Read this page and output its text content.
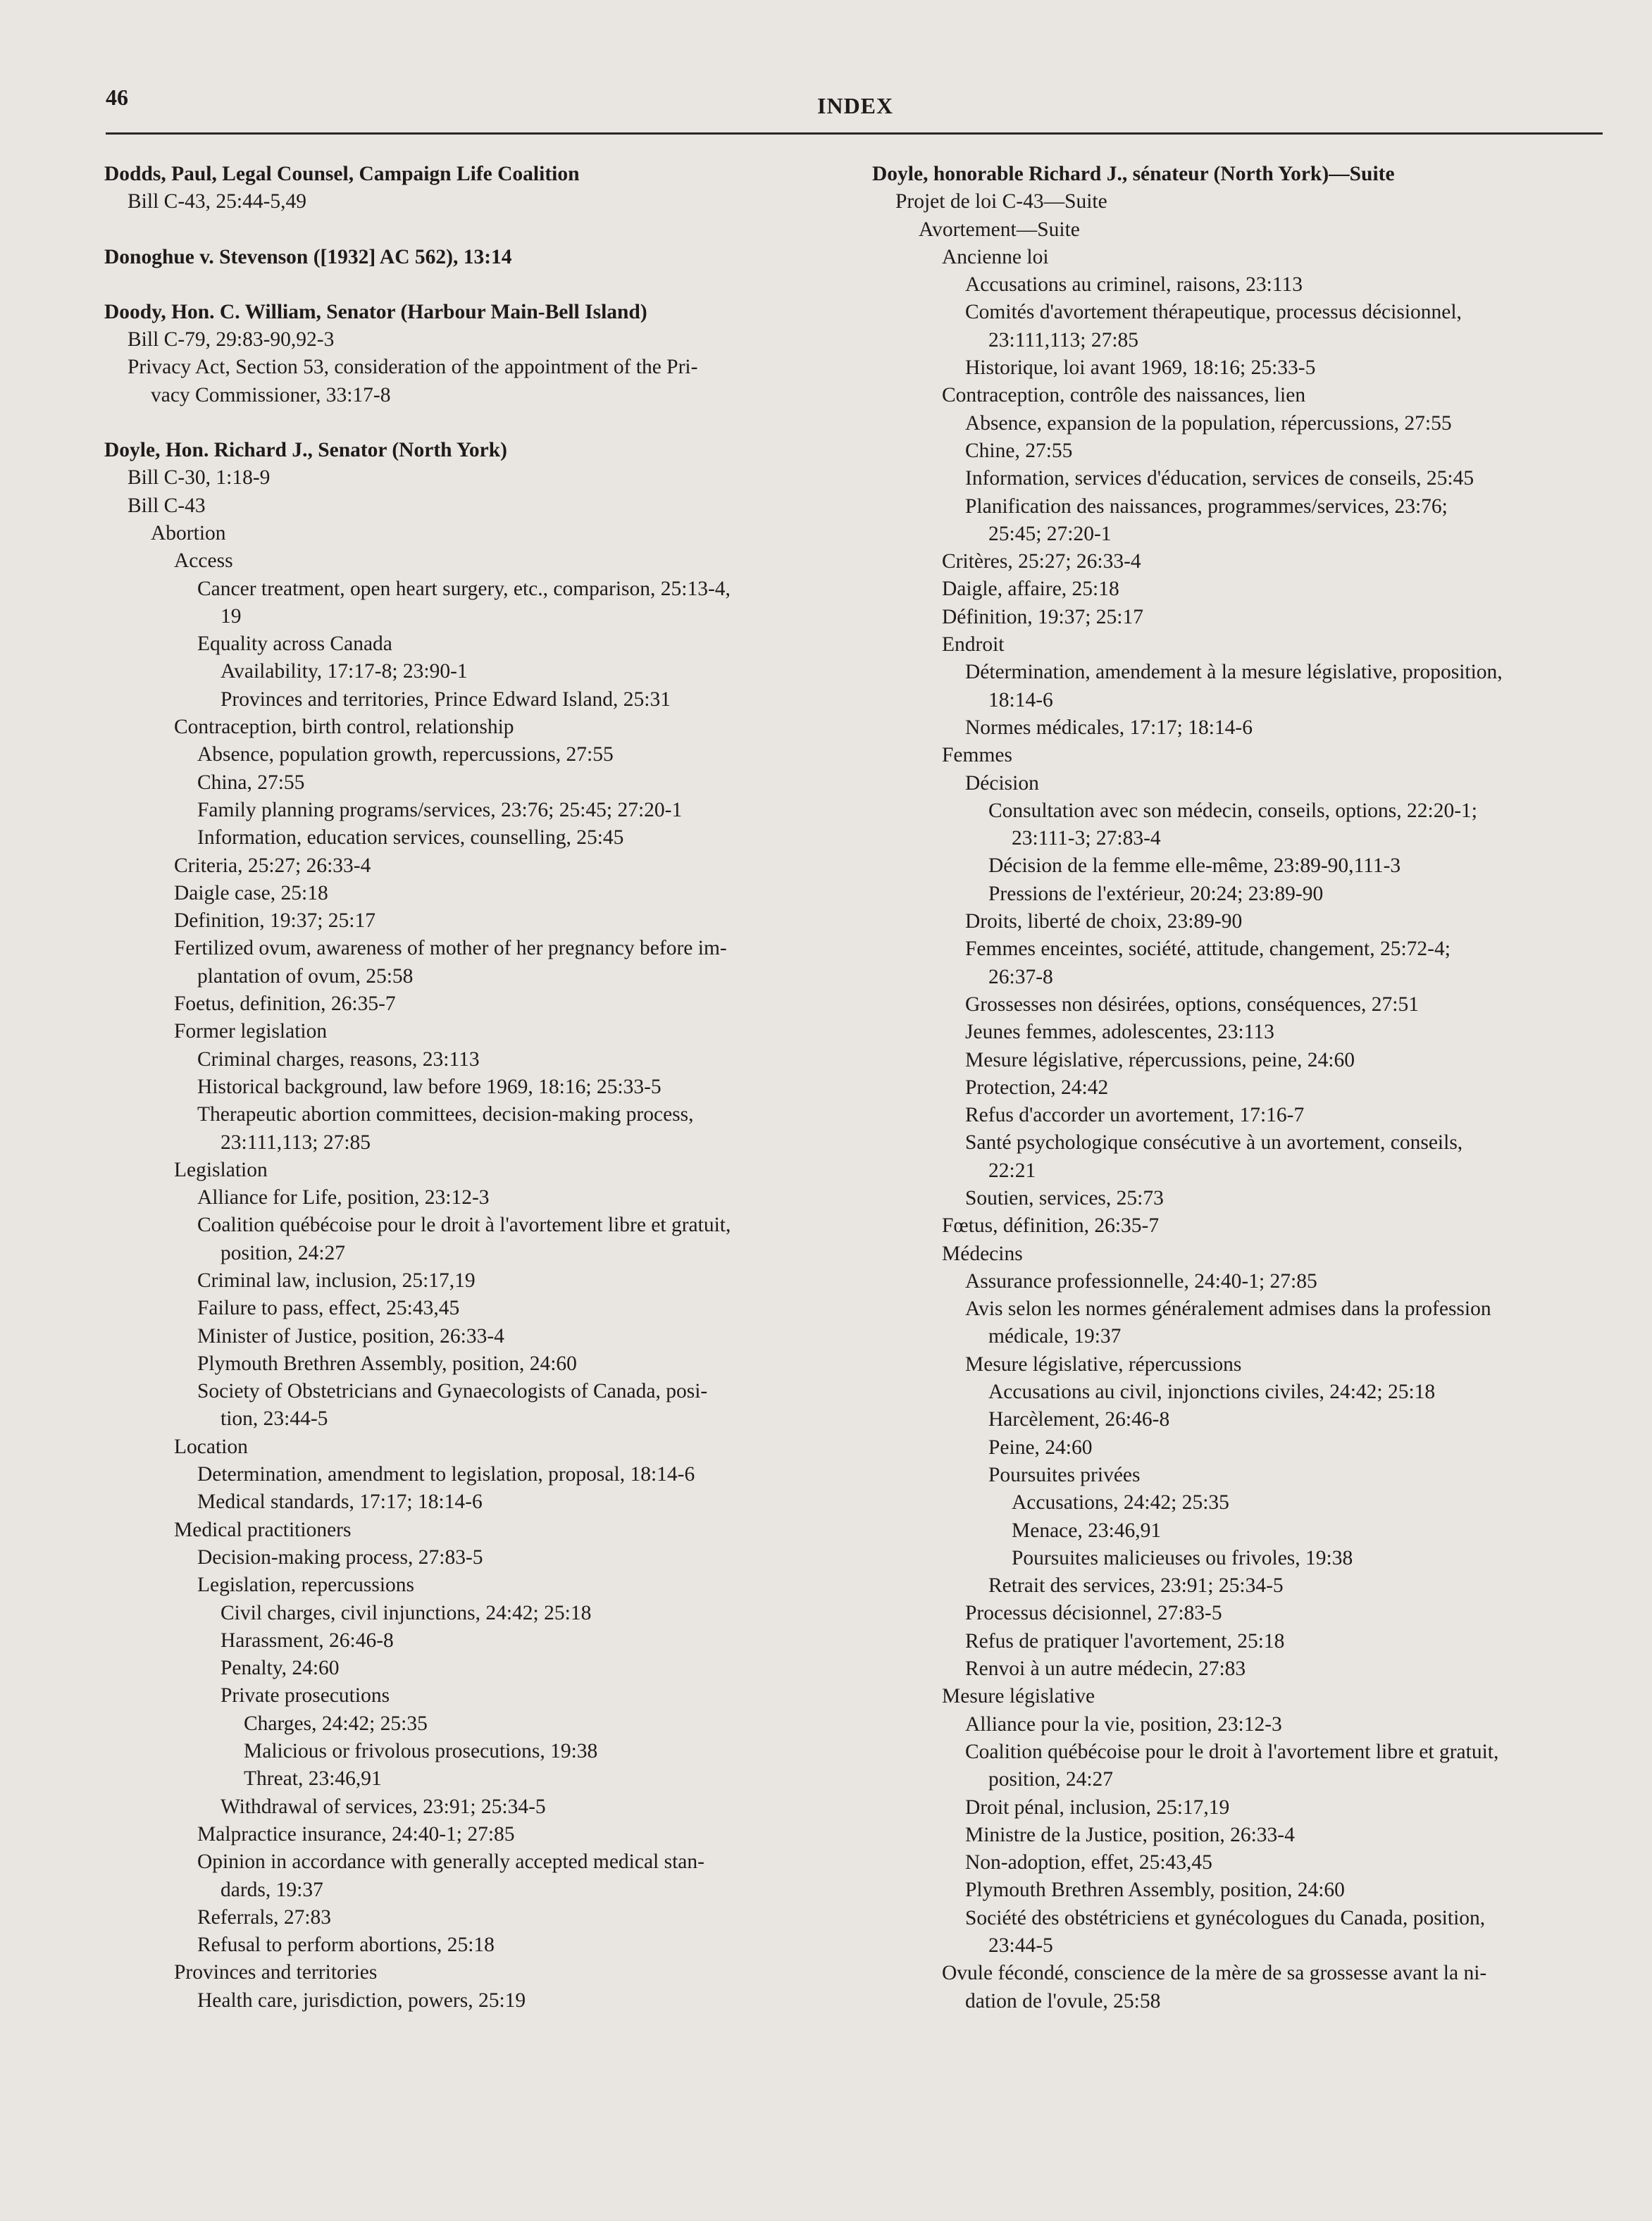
46	INDEX
Dodds, Paul, Legal Counsel, Campaign Life Coalition
Bill C-43, 25:44-5,49
Donoghue v. Stevenson ([1932] AC 562), 13:14
Doody, Hon. C. William, Senator (Harbour Main-Bell Island)
Bill C-79, 29:83-90,92-3
Privacy Act, Section 53, consideration of the appointment of the Pri-
vacy Commissioner, 33:17-8
Doyle, Hon. Richard J., Senator (North York)
Bill C-30, 1:18-9
Bill C-43
Abortion
Access
Cancer treatment, open heart surgery, etc., comparison, 25:13-4,
19
Equality across Canada
Availability, 17:17-8; 23:90-1
Provinces and territories, Prince Edward Island, 25:31
Contraception, birth control, relationship
Absence, population growth, repercussions, 27:55
China, 27:55
Family planning programs/services, 23:76; 25:45; 27:20-1
Information, education services, counselling, 25:45
Criteria, 25:27; 26:33-4
Daigle case, 25:18
Definition, 19:37; 25:17
Fertilized ovum, awareness of mother of her pregnancy before im-
plantation of ovum, 25:58
Foetus, definition, 26:35-7
Former legislation
Criminal charges, reasons, 23:113
Historical background, law before 1969, 18:16; 25:33-5
Therapeutic abortion committees, decision-making process,
23:111,113; 27:85
Legislation
Alliance for Life, position, 23:12-3
Coalition québécoise pour le droit à l'avortement libre et gratuit,
position, 24:27
Criminal law, inclusion, 25:17,19
Failure to pass, effect, 25:43,45
Minister of Justice, position, 26:33-4
Plymouth Brethren Assembly, position, 24:60
Society of Obstetricians and Gynaecologists of Canada, posi-
tion, 23:44-5
Location
Determination, amendment to legislation, proposal, 18:14-6
Medical standards, 17:17; 18:14-6
Medical practitioners
Decision-making process, 27:83-5
Legislation, repercussions
Civil charges, civil injunctions, 24:42; 25:18
Harassment, 26:46-8
Penalty, 24:60
Private prosecutions
Charges, 24:42; 25:35
Malicious or frivolous prosecutions, 19:38
Threat, 23:46,91
Withdrawal of services, 23:91; 25:34-5
Malpractice insurance, 24:40-1; 27:85
Opinion in accordance with generally accepted medical stan-
dards, 19:37
Referrals, 27:83
Refusal to perform abortions, 25:18
Provinces and territories
Health care, jurisdiction, powers, 25:19
Doyle, honorable Richard J., sénateur (North York)—Suite
Projet de loi C-43—Suite
Avortement—Suite
Ancienne loi
Accusations au criminel, raisons, 23:113
Comités d'avortement thérapeutique, processus décisionnel,
23:111,113; 27:85
Historique, loi avant 1969, 18:16; 25:33-5
Contraception, contrôle des naissances, lien
Absence, expansion de la population, répercussions, 27:55
Chine, 27:55
Information, services d'éducation, services de conseils, 25:45
Planification des naissances, programmes/services, 23:76;
25:45; 27:20-1
Critères, 25:27; 26:33-4
Daigle, affaire, 25:18
Définition, 19:37; 25:17
Endroit
Détermination, amendement à la mesure législative, proposition,
18:14-6
Normes médicales, 17:17; 18:14-6
Femmes
Décision
Consultation avec son médecin, conseils, options, 22:20-1;
23:111-3; 27:83-4
Décision de la femme elle-même, 23:89-90,111-3
Pressions de l'extérieur, 20:24; 23:89-90
Droits, liberté de choix, 23:89-90
Femmes enceintes, société, attitude, changement, 25:72-4;
26:37-8
Grossesses non désirées, options, conséquences, 27:51
Jeunes femmes, adolescentes, 23:113
Mesure législative, répercussions, peine, 24:60
Protection, 24:42
Refus d'accorder un avortement, 17:16-7
Santé psychologique consécutive à un avortement, conseils,
22:21
Soutien, services, 25:73
Fœtus, définition, 26:35-7
Médecins
Assurance professionnelle, 24:40-1; 27:85
Avis selon les normes généralement admises dans la profession
médicale, 19:37
Mesure législative, répercussions
Accusations au civil, injonctions civiles, 24:42; 25:18
Harcèlement, 26:46-8
Peine, 24:60
Poursuites privées
Accusations, 24:42; 25:35
Menace, 23:46,91
Poursuites malicieuses ou frivoles, 19:38
Retrait des services, 23:91; 25:34-5
Processus décisionnel, 27:83-5
Refus de pratiquer l'avortement, 25:18
Renvoi à un autre médecin, 27:83
Mesure législative
Alliance pour la vie, position, 23:12-3
Coalition québécoise pour le droit à l'avortement libre et gratuit,
position, 24:27
Droit pénal, inclusion, 25:17,19
Ministre de la Justice, position, 26:33-4
Non-adoption, effet, 25:43,45
Plymouth Brethren Assembly, position, 24:60
Société des obstétriciens et gynécologues du Canada, position,
23:44-5
Ovule fécondé, conscience de la mère de sa grossesse avant la ni-
dation de l'ovule, 25:58
